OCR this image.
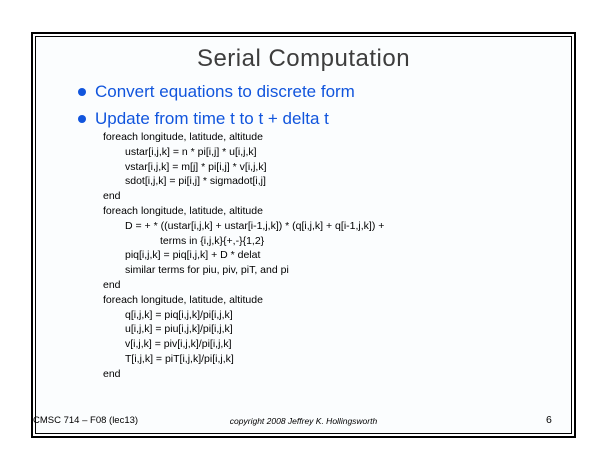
Serial Computation
Convert equations to discrete form
Update from time t to t + delta t
foreach longitude, latitude, altitude
ustar[i,j,k] = n * pi[i,j] * u[i,j,k]
vstar[i,j,k] = m[j] * pi[i,j] * v[i,j,k]
sdot[i,j,k] = pi[i,j] * sigmadot[i,j]
end
foreach longitude, latitude, altitude
D = + * ((ustar[i,j,k] + ustar[i-1,j,k]) * (q[i,j,k] + q[i-1,j,k]) +
terms in {i,j,k}{+,-}{1,2}
piq[i,j,k] = piq[i,j,k] + D * delat
similar terms for piu, piv, piT, and pi
end
foreach longitude, latitude, altitude
q[i,j,k] = piq[i,j,k]/pi[i,j,k]
u[i,j,k] = piu[i,j,k]/pi[i,j,k]
v[i,j,k] = piv[i,j,k]/pi[i,j,k]
T[i,j,k] = piT[i,j,k]/pi[i,j,k]
end
CMSC 714 – F08 (lec13)	copyright 2008 Jeffrey K. Hollingsworth	6
